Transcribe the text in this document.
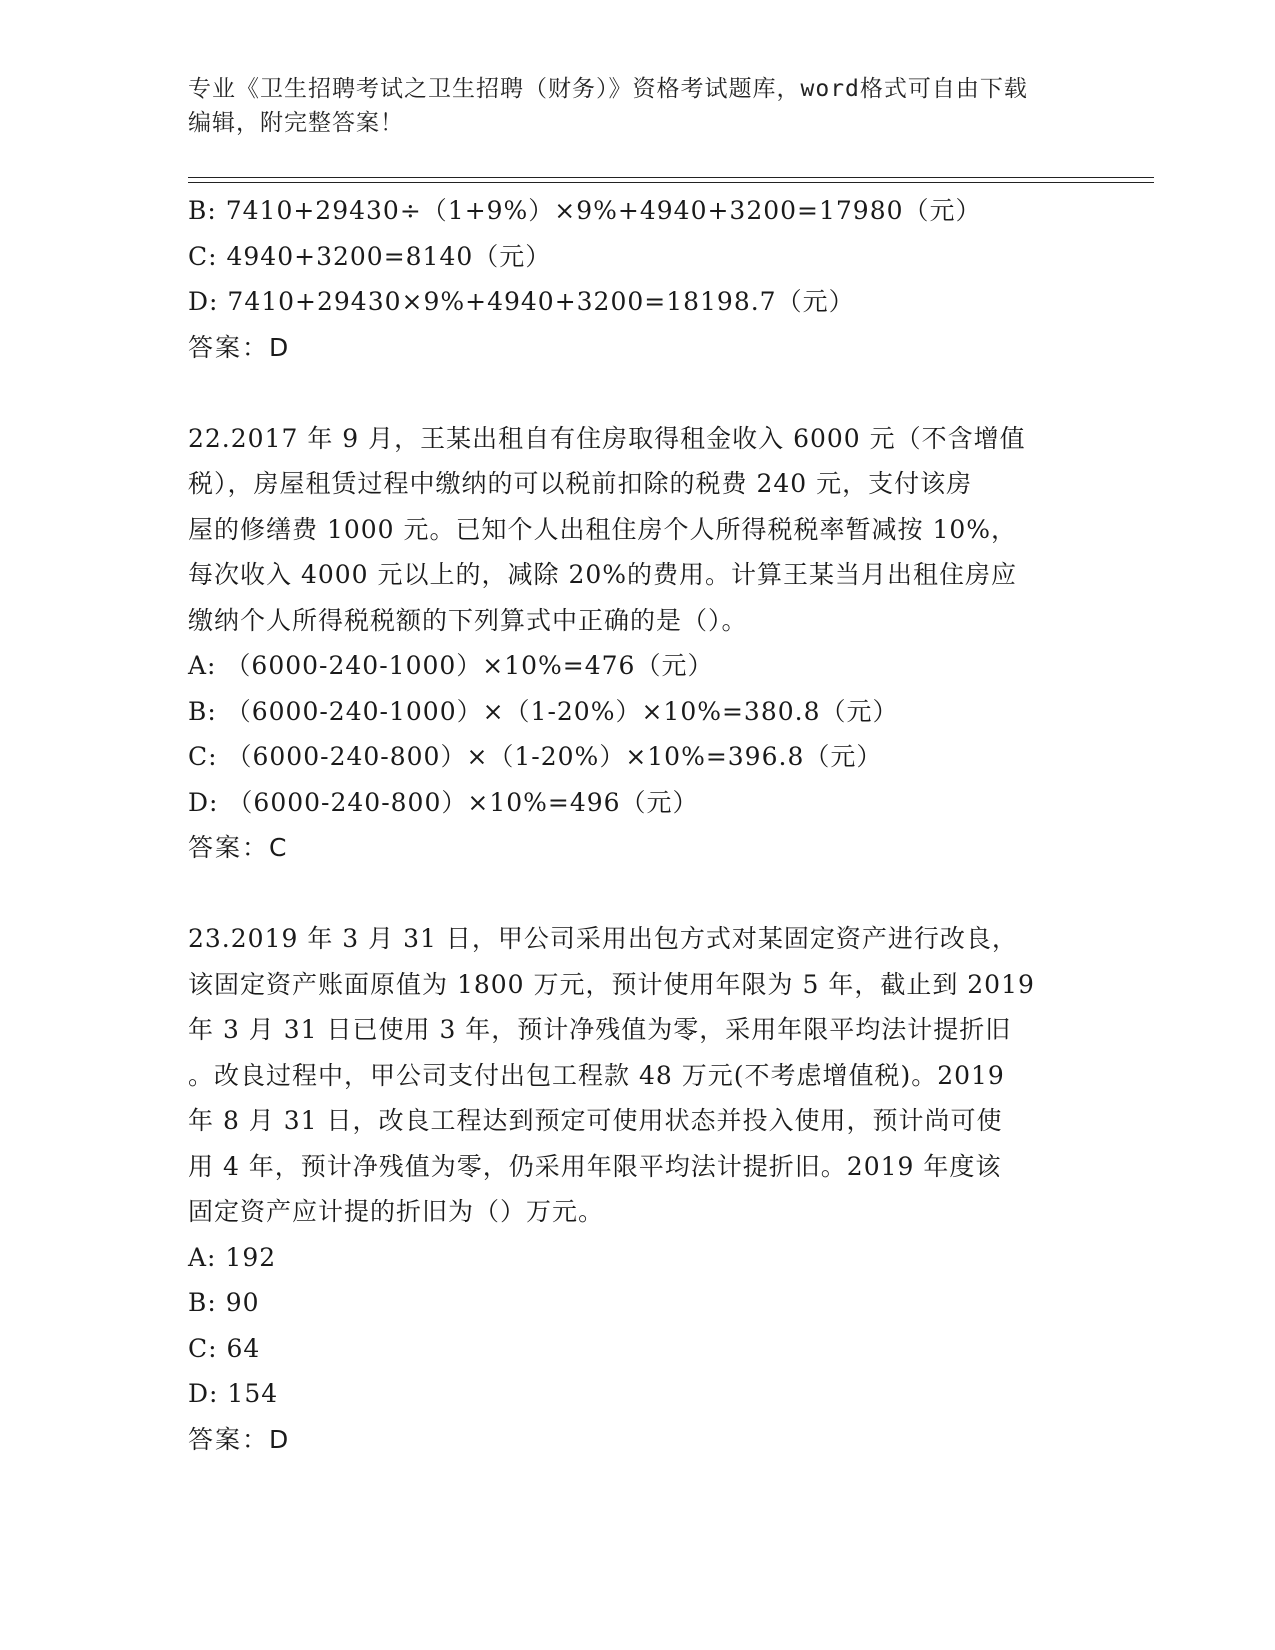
专业《卫生招聘考试之卫生招聘（财务）》资格考试题库，word格式可自由下载
编辑，附完整答案！
B: 7410+29430÷（1+9%）×9%+4940+3200=17980（元）
C: 4940+3200=8140（元）
D: 7410+29430×9%+4940+3200=18198.7（元）
答案：D
22.2017 年 9 月，王某出租自有住房取得租金收入 6000 元（不含增值
税），房屋租赁过程中缴纳的可以税前扣除的税费 240 元，支付该房
屋的修缮费 1000 元。已知个人出租住房个人所得税税率暂减按 10%，
每次收入 4000 元以上的，减除 20%的费用。计算王某当月出租住房应
缴纳个人所得税税额的下列算式中正确的是（）。
A: （6000-240-1000）×10%=476（元）
B: （6000-240-1000）×（1-20%）×10%=380.8（元）
C: （6000-240-800）×（1-20%）×10%=396.8（元）
D: （6000-240-800）×10%=496（元）
答案：C
23.2019 年 3 月 31 日，甲公司采用出包方式对某固定资产进行改良，
该固定资产账面原值为 1800 万元，预计使用年限为 5 年，截止到 2019
年 3 月 31 日已使用 3 年，预计净残值为零，采用年限平均法计提折旧
。改良过程中，甲公司支付出包工程款 48 万元(不考虑增值税)。2019
年 8 月 31 日，改良工程达到预定可使用状态并投入使用，预计尚可使
用 4 年，预计净残值为零，仍采用年限平均法计提折旧。2019 年度该
固定资产应计提的折旧为（）万元。
A: 192
B: 90
C: 64
D: 154
答案：D
